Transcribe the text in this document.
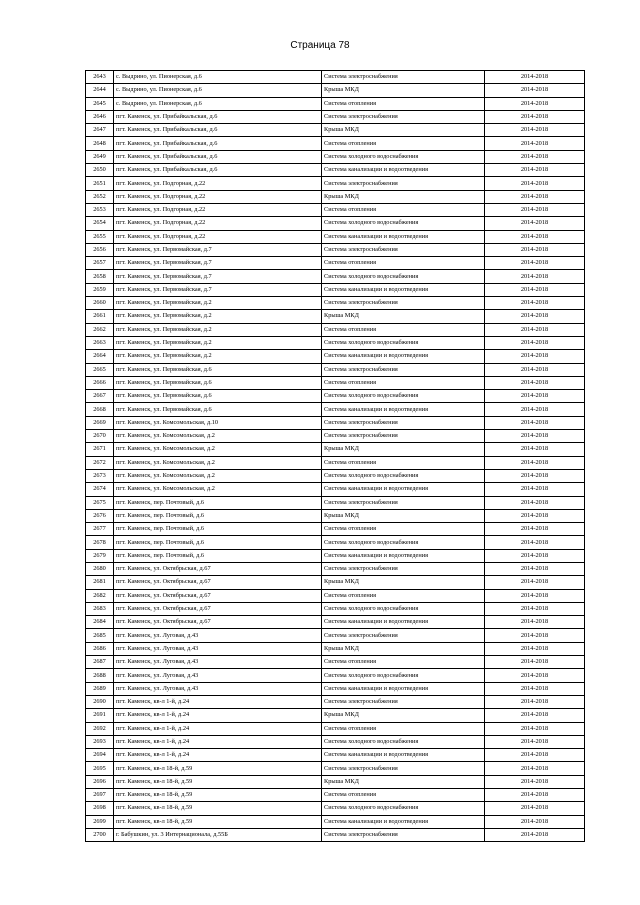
Страница 78
2643	с. Выдрино, ул. Пионерская, д.6	Система электроснабжения	2014-2018
2644	с. Выдрино, ул. Пионерская, д.6	Крыша МКД	2014-2018
2645	с. Выдрино, ул. Пионерская, д.6	Система отопления	2014-2018
2646	пгт. Каменск, ул. Прибайкальская, д.6	Система электроснабжения	2014-2018
2647	пгт. Каменск, ул. Прибайкальская, д.6	Крыша МКД	2014-2018
2648	пгт. Каменск, ул. Прибайкальская, д.6	Система отопления	2014-2018
2649	пгт. Каменск, ул. Прибайкальская, д.6	Система холодного водоснабжения	2014-2018
2650	пгт. Каменск, ул. Прибайкальская, д.6	Система канализации и водоотведения	2014-2018
2651	пгт. Каменск, ул. Подгорная, д.22	Система электроснабжения	2014-2018
2652	пгт. Каменск, ул. Подгорная, д.22	Крыша МКД	2014-2018
2653	пгт. Каменск, ул. Подгорная, д.22	Система отопления	2014-2018
2654	пгт. Каменск, ул. Подгорная, д.22	Система холодного водоснабжения	2014-2018
2655	пгт. Каменск, ул. Подгорная, д.22	Система канализации и водоотведения	2014-2018
2656	пгт. Каменск, ул. Первомайская, д.7	Система электроснабжения	2014-2018
2657	пгт. Каменск, ул. Первомайская, д.7	Система отопления	2014-2018
2658	пгт. Каменск, ул. Первомайская, д.7	Система холодного водоснабжения	2014-2018
2659	пгт. Каменск, ул. Первомайская, д.7	Система канализации и водоотведения	2014-2018
2660	пгт. Каменск, ул. Первомайская, д.2	Система электроснабжения	2014-2018
2661	пгт. Каменск, ул. Первомайская, д.2	Крыша МКД	2014-2018
2662	пгт. Каменск, ул. Первомайская, д.2	Система отопления	2014-2018
2663	пгт. Каменск, ул. Первомайская, д.2	Система холодного водоснабжения	2014-2018
2664	пгт. Каменск, ул. Первомайская, д.2	Система канализации и водоотведения	2014-2018
2665	пгт. Каменск, ул. Первомайская, д.6	Система электроснабжения	2014-2018
2666	пгт. Каменск, ул. Первомайская, д.6	Система отопления	2014-2018
2667	пгт. Каменск, ул. Первомайская, д.6	Система холодного водоснабжения	2014-2018
2668	пгт. Каменск, ул. Первомайская, д.6	Система канализации и водоотведения	2014-2018
2669	пгт. Каменск, ул. Комсомольская, д.10	Система электроснабжения	2014-2018
2670	пгт. Каменск, ул. Комсомольская, д.2	Система электроснабжения	2014-2018
2671	пгт. Каменск, ул. Комсомольская, д.2	Крыша МКД	2014-2018
2672	пгт. Каменск, ул. Комсомольская, д.2	Система отопления	2014-2018
2673	пгт. Каменск, ул. Комсомольская, д.2	Система холодного водоснабжения	2014-2018
2674	пгт. Каменск, ул. Комсомольская, д.2	Система канализации и водоотведения	2014-2018
2675	пгт. Каменск, пер. Почтовый, д.6	Система электроснабжения	2014-2018
2676	пгт. Каменск, пер. Почтовый, д.6	Крыша МКД	2014-2018
2677	пгт. Каменск, пер. Почтовый, д.6	Система отопления	2014-2018
2678	пгт. Каменск, пер. Почтовый, д.6	Система холодного водоснабжения	2014-2018
2679	пгт. Каменск, пер. Почтовый, д.6	Система канализации и водоотведения	2014-2018
2680	пгт. Каменск, ул. Октябрьская, д.67	Система электроснабжения	2014-2018
2681	пгт. Каменск, ул. Октябрьская, д.67	Крыша МКД	2014-2018
2682	пгт. Каменск, ул. Октябрьская, д.67	Система отопления	2014-2018
2683	пгт. Каменск, ул. Октябрьская, д.67	Система холодного водоснабжения	2014-2018
2684	пгт. Каменск, ул. Октябрьская, д.67	Система канализации и водоотведения	2014-2018
2685	пгт. Каменск, ул. Луговая, д.43	Система электроснабжения	2014-2018
2686	пгт. Каменск, ул. Луговая, д.43	Крыша МКД	2014-2018
2687	пгт. Каменск, ул. Луговая, д.43	Система отопления	2014-2018
2688	пгт. Каменск, ул. Луговая, д.43	Система холодного водоснабжения	2014-2018
2689	пгт. Каменск, ул. Луговая, д.43	Система канализации и водоотведения	2014-2018
2690	пгт. Каменск, кв-л 1-й, д.24	Система электроснабжения	2014-2018
2691	пгт. Каменск, кв-л 1-й, д.24	Крыша МКД	2014-2018
2692	пгт. Каменск, кв-л 1-й, д.24	Система отопления	2014-2018
2693	пгт. Каменск, кв-л 1-й, д.24	Система холодного водоснабжения	2014-2018
2694	пгт. Каменск, кв-л 1-й, д.24	Система канализации и водоотведения	2014-2018
2695	пгт. Каменск, кв-л 18-й, д.59	Система электроснабжения	2014-2018
2696	пгт. Каменск, кв-л 18-й, д.59	Крыша МКД	2014-2018
2697	пгт. Каменск, кв-л 18-й, д.59	Система отопления	2014-2018
2698	пгт. Каменск, кв-л 18-й, д.59	Система холодного водоснабжения	2014-2018
2699	пгт. Каменск, кв-л 18-й, д.59	Система канализации и водоотведения	2014-2018
2700	г. Бабушкин, ул. 3 Интернационала, д.55Б	Система электроснабжения	2014-2018
